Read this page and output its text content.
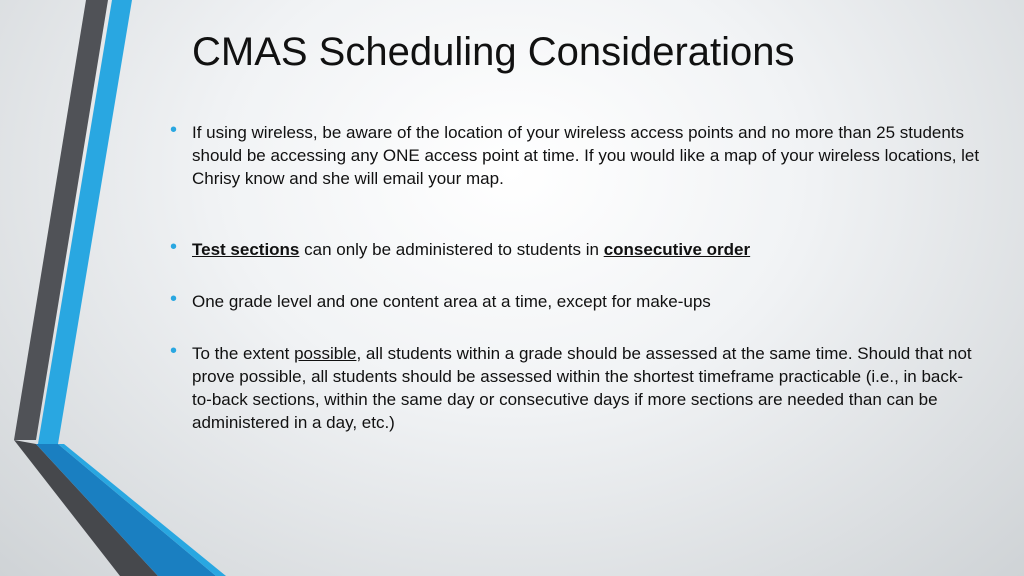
CMAS Scheduling Considerations
• If using wireless, be aware of the location of your wireless access points and no more than 25 students should be accessing any ONE access point at time. If you would like a map of your wireless locations, let Chrisy know and she will email your map.
• Test sections can only be administered to students in consecutive order
• One grade level and one content area at a time, except for make-ups
• To the extent possible, all students within a grade should be assessed at the same time. Should that not prove possible, all students should be assessed within the shortest timeframe practicable (i.e., in back-to-back sections, within the same day or consecutive days if more sections are needed than can be administered in a day, etc.)
